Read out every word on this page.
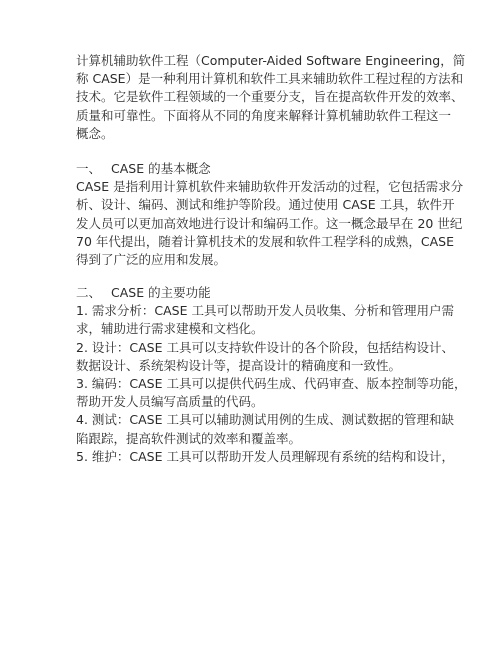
计算机辅助软件工程（Computer-Aided Software Engineering，简
称 CASE）是一种利用计算机和软件工具来辅助软件工程过程的方法和
技术。它是软件工程领域的一个重要分支，旨在提高软件开发的效率、
质量和可靠性。下面将从不同的角度来解释计算机辅助软件工程这一
概念。
一、 CASE 的基本概念
CASE 是指利用计算机软件来辅助软件开发活动的过程，它包括需求分
析、设计、编码、测试和维护等阶段。通过使用 CASE 工具，软件开
发人员可以更加高效地进行设计和编码工作。这一概念最早在 20 世纪
70 年代提出，随着计算机技术的发展和软件工程学科的成熟，CASE
得到了广泛的应用和发展。
二、 CASE 的主要功能
1. 需求分析：CASE 工具可以帮助开发人员收集、分析和管理用户需
求，辅助进行需求建模和文档化。
2. 设计：CASE 工具可以支持软件设计的各个阶段，包括结构设计、
数据设计、系统架构设计等，提高设计的精确度和一致性。
3. 编码：CASE 工具可以提供代码生成、代码审查、版本控制等功能，
帮助开发人员编写高质量的代码。
4. 测试：CASE 工具可以辅助测试用例的生成、测试数据的管理和缺
陷跟踪，提高软件测试的效率和覆盖率。
5. 维护：CASE 工具可以帮助开发人员理解现有系统的结构和设计，
